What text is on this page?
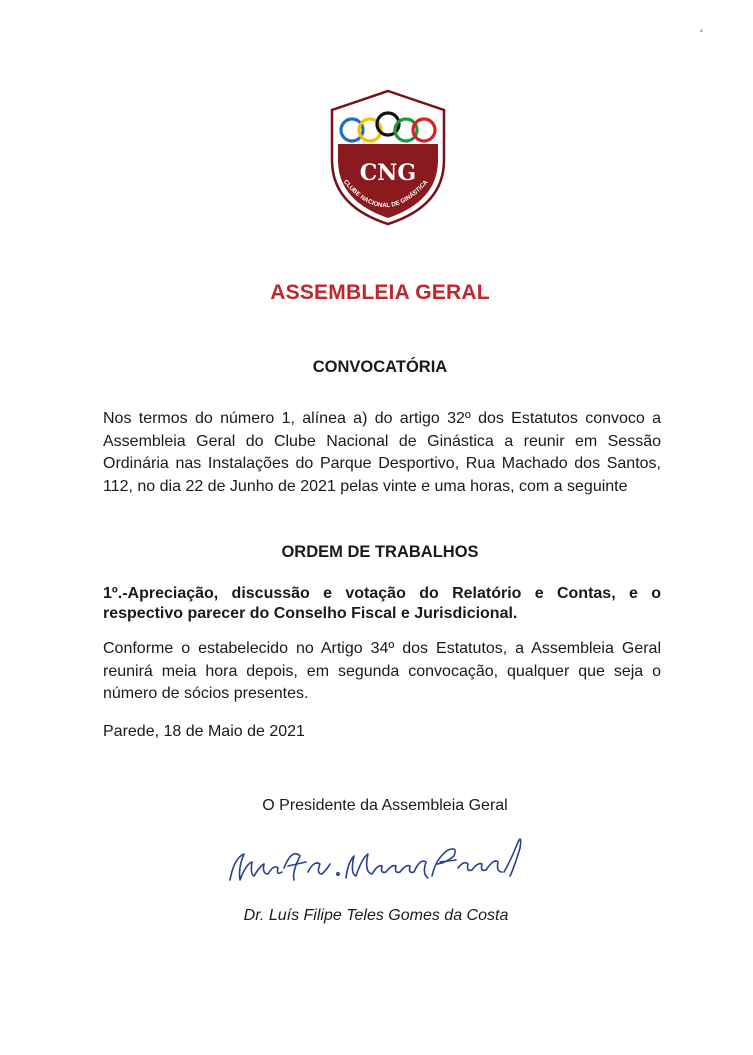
⸗
CNG
CLUBE NACIONAL DE GINÁSTICA
ASSEMBLEIA GERAL
CONVOCATÓRIA
Nos termos do número 1, alínea a) do artigo 32º dos Estatutos convoco a Assembleia Geral do Clube Nacional de Ginástica a reunir em Sessão Ordinária nas Instalações do Parque Desportivo, Rua Machado dos Santos, 112, no dia 22 de Junho de 2021 pelas vinte e uma horas, com a seguinte
ORDEM DE TRABALHOS
1º.-Apreciação, discussão e votação do Relatório e Contas, e o respectivo parecer do Conselho Fiscal e Jurisdicional.
Conforme o estabelecido no Artigo 34º dos Estatutos, a Assembleia Geral reunirá meia hora depois, em segunda convocação, qualquer que seja o número de sócios presentes.
Parede, 18 de Maio de 2021
O Presidente da Assembleia Geral
Dr. Luís Filipe Teles Gomes da Costa
